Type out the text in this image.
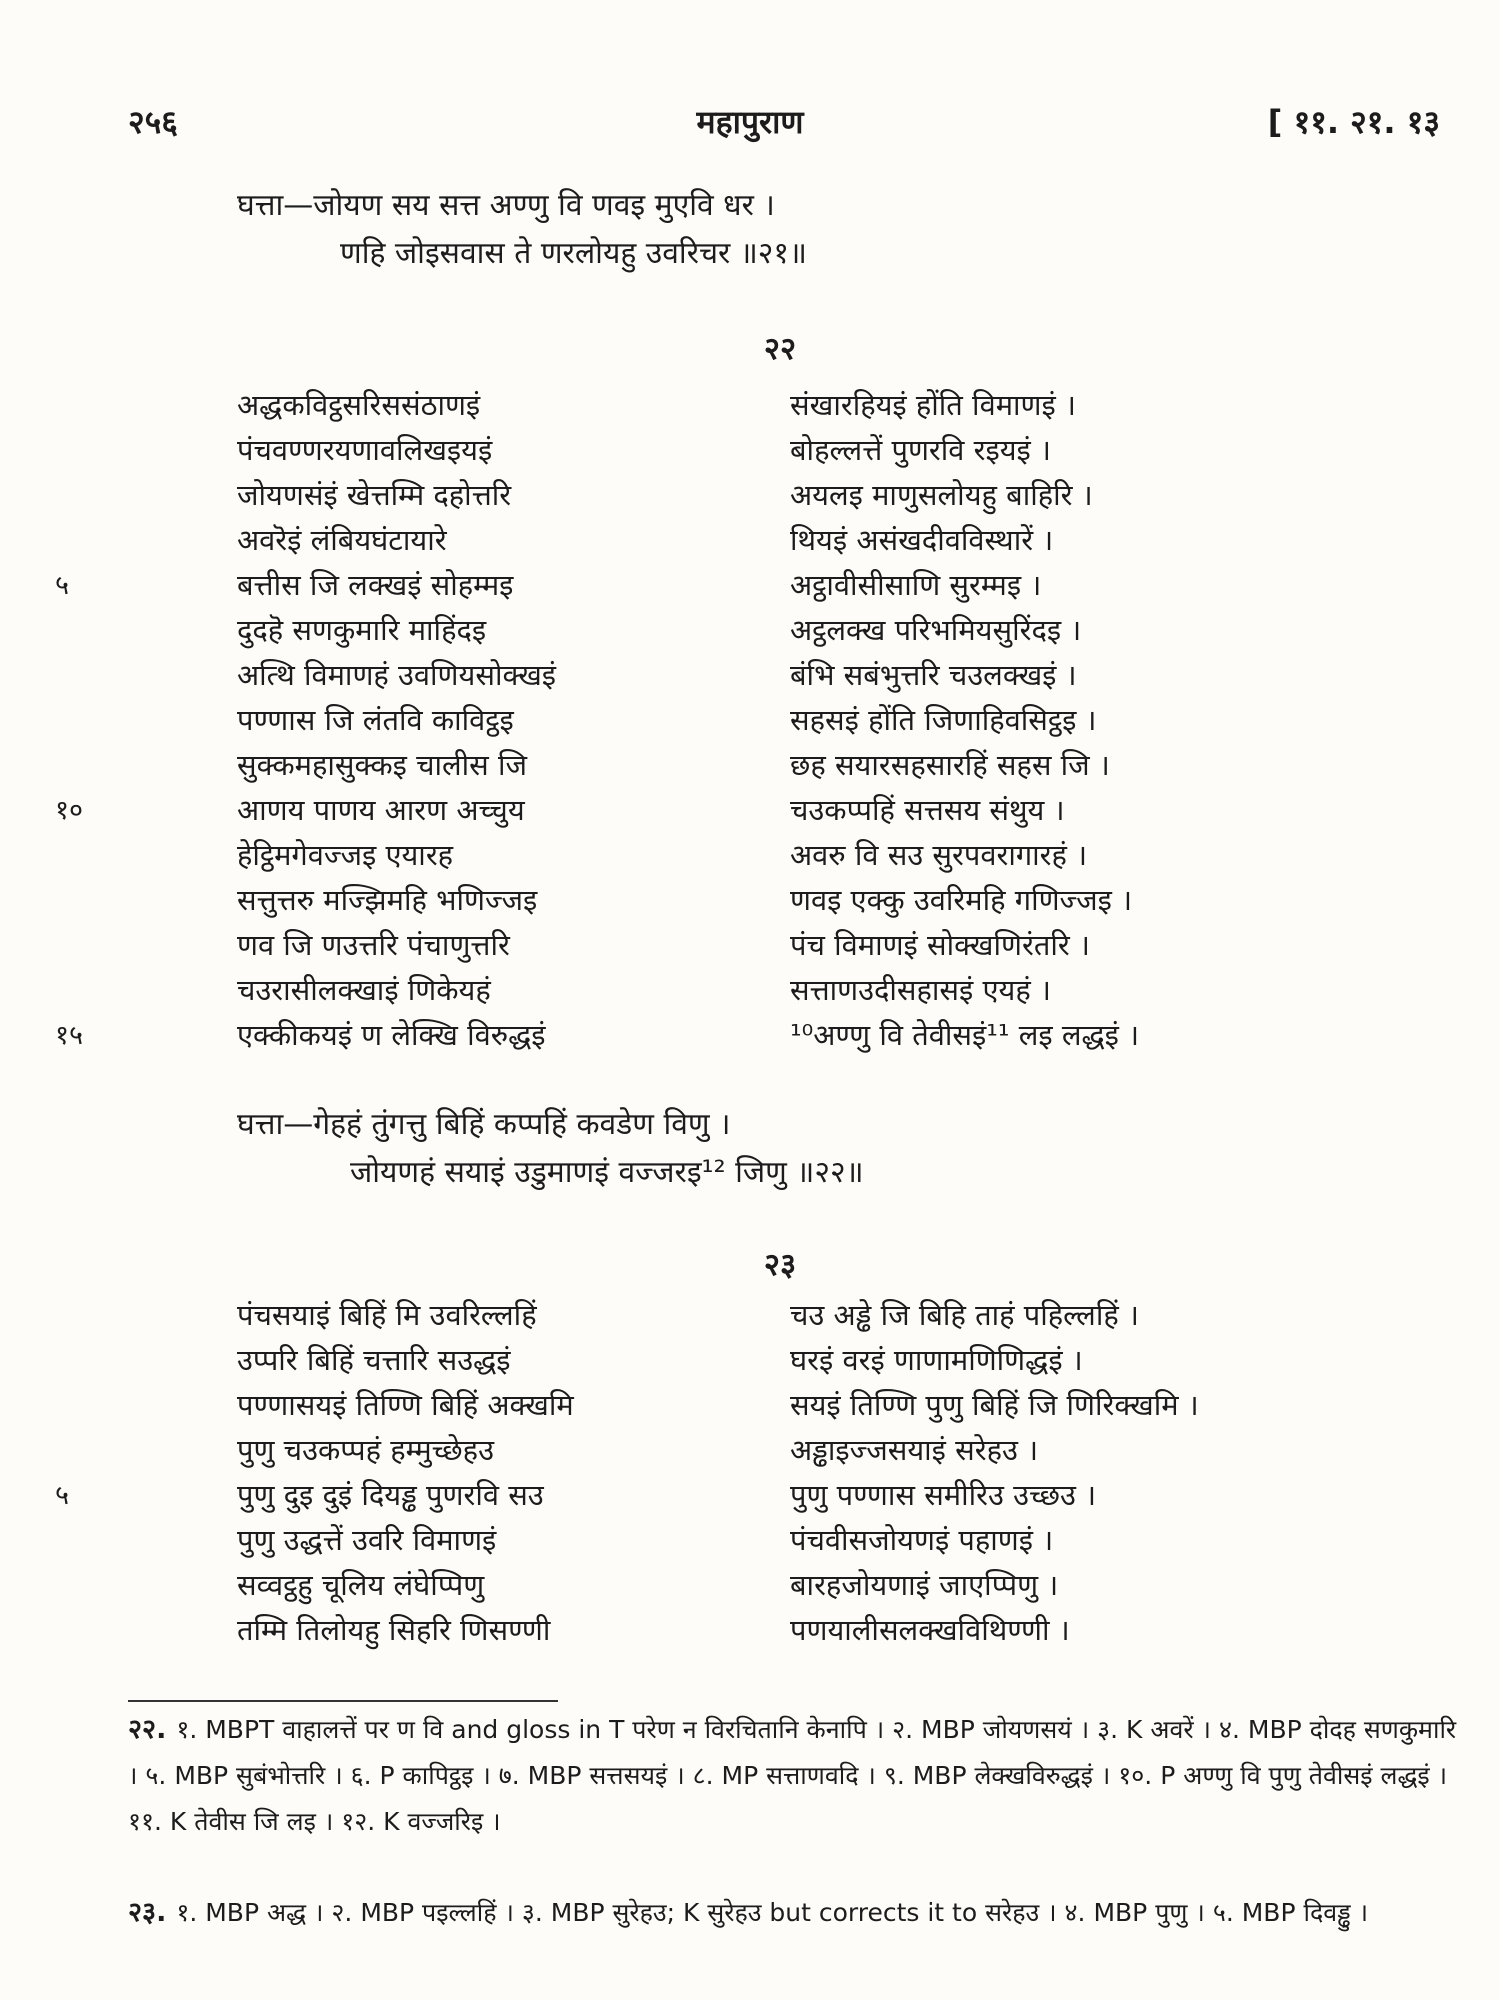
२५६	महापुराण	[ ११. २१. १३
घत्ता—जोयण सय सत्त अण्णु वि णवइ मुएवि धर ।
णहि जोइसवास ते णरलोयहु उवरिचर ॥२१॥
२२
अद्धकविट्ठसरिससंठाणइं	संखारहियइं होंति विमाणइं ।
पंचवण्णरयणावलिखइयइं	बोहल्लत्तें पुणरवि रइयइं ।
जोयणसंइं खेत्तम्मि दहोत्तरि	अयलइ माणुसलोयहु बाहिरि ।
अवरॆइं लंबियघंटायारे	थियइं असंखदीवविस्थारें ।
५	बत्तीस जि लक्खइं सोहम्मइ	अट्ठावीसीसाणि सुरम्मइ ।
दुदहॆ सणकुमारि माहिंदइ	अट्ठलक्ख परिभमियसुरिंदइ ।
अत्थि विमाणहं उवणियसोक्खइं	बंभि सबंभुत्तरि चउलक्खइं ।
पण्णास जि लंतवि काविट्ठइ	सहसइं होंति जिणाहिवसिट्ठइ ।
सुक्कमहासुक्कइ चालीस जि	छह सयारसहसारहिं सहस जि ।
१०	आणय पाणय आरण अच्चुय	चउकप्पहिं सत्तसय संथुय ।
हेट्ठिमगेवज्जइ एयारह	अवरु वि सउ सुरपवरागारहं ।
सत्तुत्तरु मज्झिमहि भणिज्जइ	णवइ एक्कु उवरिमहि गणिज्जइ ।
णव जि णउत्तरि पंचाणुत्तरि	पंच विमाणइं सोक्खणिरंतरि ।
चउरासीलक्खाइं णिकेयहं	सत्ताणउदीसहासइं एयहं ।
१५	एक्कीकयइं ण लेक्खि विरुद्धइं	¹⁰अण्णु वि तेवीसइं¹¹ लइ लद्धइं ।
घत्ता—गेहहं तुंगत्तु बिहिं कप्पहिं कवडेण विणु ।
जोयणहं सयाइं उडुमाणइं वज्जरइ¹² जिणु ॥२२॥
२३
पंचसयाइं बिहिं मि उवरिल्लहिं	चउ अड्ढे जि बिहि ताहं पहिल्लहिं ।
उप्परि बिहिं चत्तारि सउद्धइं	घरइं वरइं णाणामणिणिद्धइं ।
पण्णासयइं तिण्णि बिहिं अक्खमि	सयइं तिण्णि पुणु बिहिं जि णिरिक्खमि ।
पुणु चउकप्पहं हम्मुच्छेहउ	अड्ढाइज्जसयाइं सरेहउ ।
५	पुणु दुइ दुइं दियड्ढ पुणरवि सउ	पुणु पण्णास समीरिउ उच्छउ ।
पुणु उद्धत्तें उवरि विमाणइं	पंचवीसजोयणइं पहाणइं ।
सव्वट्ठहु चूलिय लंघेप्पिणु	बारहजोयणाइं जाएप्पिणु ।
तम्मि तिलोयहु सिहरि णिसण्णी	पणयालीसलक्खविथिण्णी ।
२२. १. MBPT वाहालत्तें पर ण वि and gloss in T परेण न विरचितानि केनापि । २. MBP जोयणसयं । ३. K अवरें । ४. MBP दोदह सणकुमारि । ५. MBP सुबंभोत्तरि । ६. P कापिट्ठइ । ७. MBP सत्तसयइं । ८. MP सत्ताणवदि । ९. MBP लेक्खविरुद्धइं । १०. P अण्णु वि पुणु तेवीसइं लद्धइं । ११. K तेवीस जि लइ । १२. K वज्जरिइ ।
२३. १. MBP अद्ध । २. MBP पइल्लहिं । ३. MBP सुरेहउ; K सुरेहउ but corrects it to सरेहउ । ४. MBP पुणु । ५. MBP दिवड्ढु ।
